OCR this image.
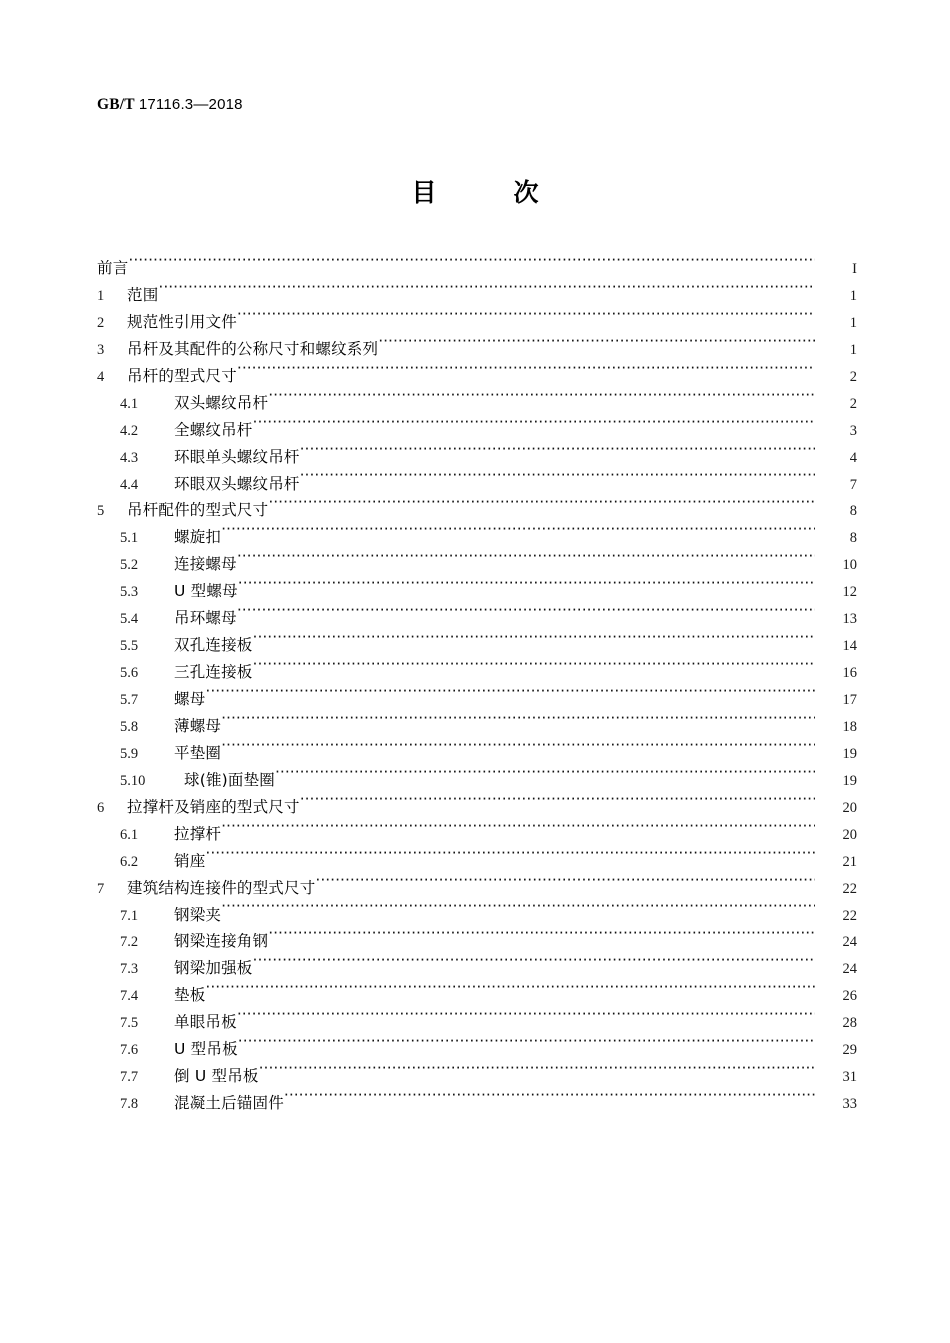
GB/T 17116.3—2018
目　次
前言 ·····	I
1	范围 ·····	1
2	规范性引用文件 ·····	1
3	吊杆及其配件的公称尺寸和螺纹系列 ·····	1
4	吊杆的型式尺寸 ·····	2
4.1	双头螺纹吊杆 ·····	2
4.2	全螺纹吊杆 ·····	3
4.3	环眼单头螺纹吊杆 ·····	4
4.4	环眼双头螺纹吊杆 ·····	7
5	吊杆配件的型式尺寸 ·····	8
5.1	螺旋扣 ·····	8
5.2	连接螺母 ·····	10
5.3	U 型螺母 ·····	12
5.4	吊环螺母 ·····	13
5.5	双孔连接板 ·····	14
5.6	三孔连接板 ·····	16
5.7	螺母 ·····	17
5.8	薄螺母 ·····	18
5.9	平垫圈 ·····	19
5.10	球(锥)面垫圈 ·····	19
6	拉撑杆及销座的型式尺寸 ·····	20
6.1	拉撑杆 ·····	20
6.2	销座 ·····	21
7	建筑结构连接件的型式尺寸 ·····	22
7.1	钢梁夹 ·····	22
7.2	钢梁连接角钢 ·····	24
7.3	钢梁加强板 ·····	24
7.4	垫板 ·····	26
7.5	单眼吊板 ·····	28
7.6	U 型吊板 ·····	29
7.7	倒 U 型吊板 ·····	31
7.8	混凝土后锚固件 ·····	33
